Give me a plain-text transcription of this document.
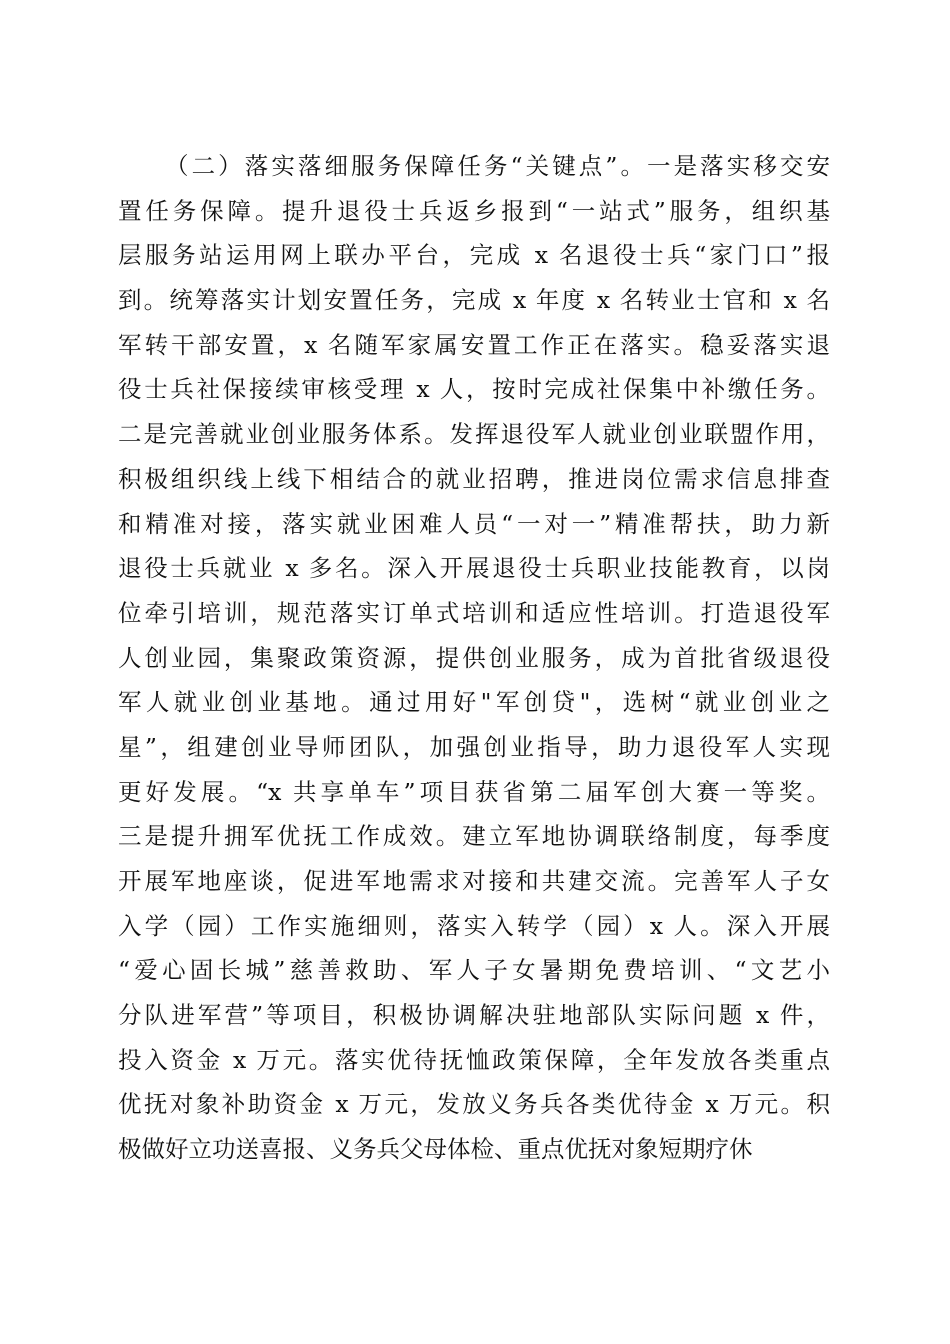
（二）落实落细服务保障任务“关键点”。一是落实移交安
置任务保障。提升退役士兵返乡报到“一站式”服务，组织基
层服务站运用网上联办平台，完成 x 名退役士兵“家门口”报
到。统筹落实计划安置任务，完成 x 年度 x 名转业士官和 x 名
军转干部安置，x 名随军家属安置工作正在落实。稳妥落实退
役士兵社保接续审核受理 x 人，按时完成社保集中补缴任务。
二是完善就业创业服务体系。发挥退役军人就业创业联盟作用，
积极组织线上线下相结合的就业招聘，推进岗位需求信息排查
和精准对接，落实就业困难人员“一对一”精准帮扶，助力新
退役士兵就业 x 多名。深入开展退役士兵职业技能教育，以岗
位牵引培训，规范落实订单式培训和适应性培训。打造退役军
人创业园，集聚政策资源，提供创业服务，成为首批省级退役
军人就业创业基地。通过用好"军创贷"，选树“就业创业之
星”，组建创业导师团队，加强创业指导，助力退役军人实现
更好发展。“x 共享单车”项目获省第二届军创大赛一等奖。
三是提升拥军优抚工作成效。建立军地协调联络制度，每季度
开展军地座谈，促进军地需求对接和共建交流。完善军人子女
入学（园）工作实施细则，落实入转学（园）x 人。深入开展
“爱心固长城”慈善救助、军人子女暑期免费培训、“文艺小
分队进军营”等项目，积极协调解决驻地部队实际问题 x 件，
投入资金 x 万元。落实优待抚恤政策保障，全年发放各类重点
优抚对象补助资金 x 万元，发放义务兵各类优待金 x 万元。积
极做好立功送喜报、义务兵父母体检、重点优抚对象短期疗休
